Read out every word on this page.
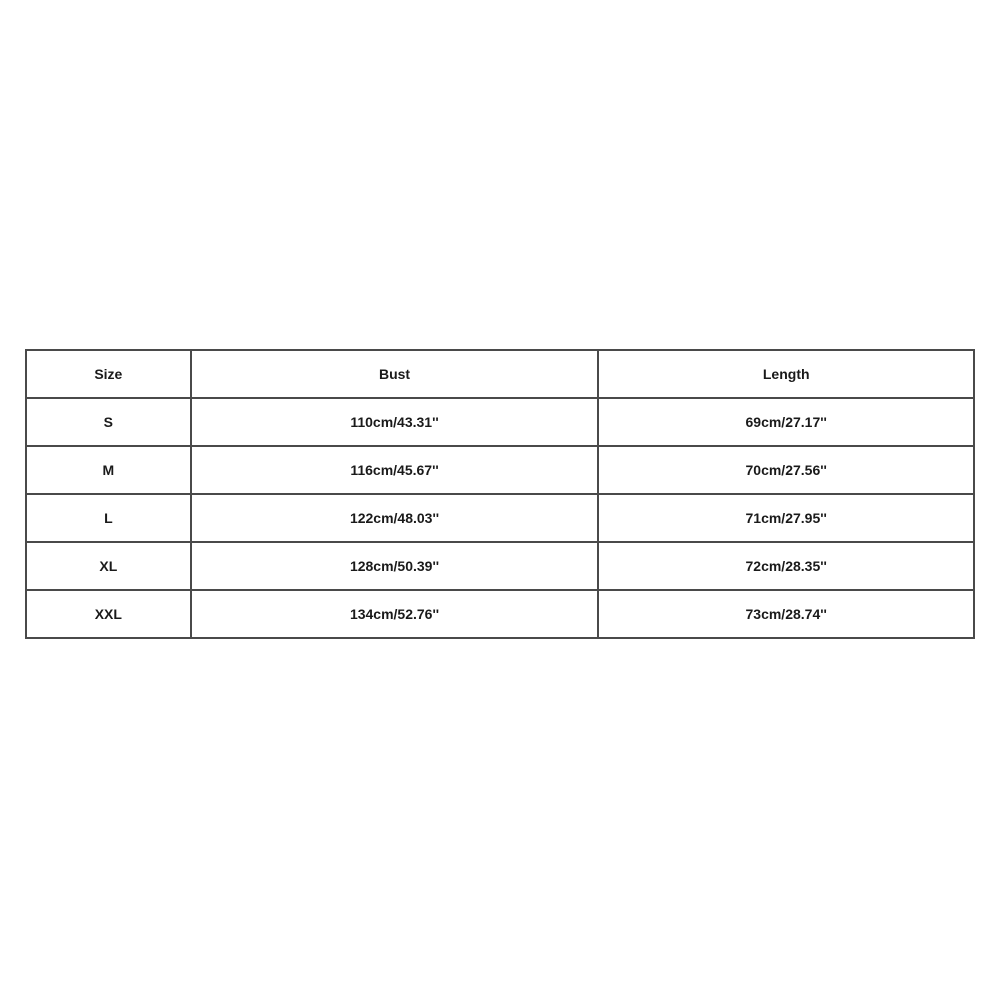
Size	Bust	Length
S	110cm/43.31''	69cm/27.17''
M	116cm/45.67''	70cm/27.56''
L	122cm/48.03''	71cm/27.95''
XL	128cm/50.39''	72cm/28.35''
XXL	134cm/52.76''	73cm/28.74''
